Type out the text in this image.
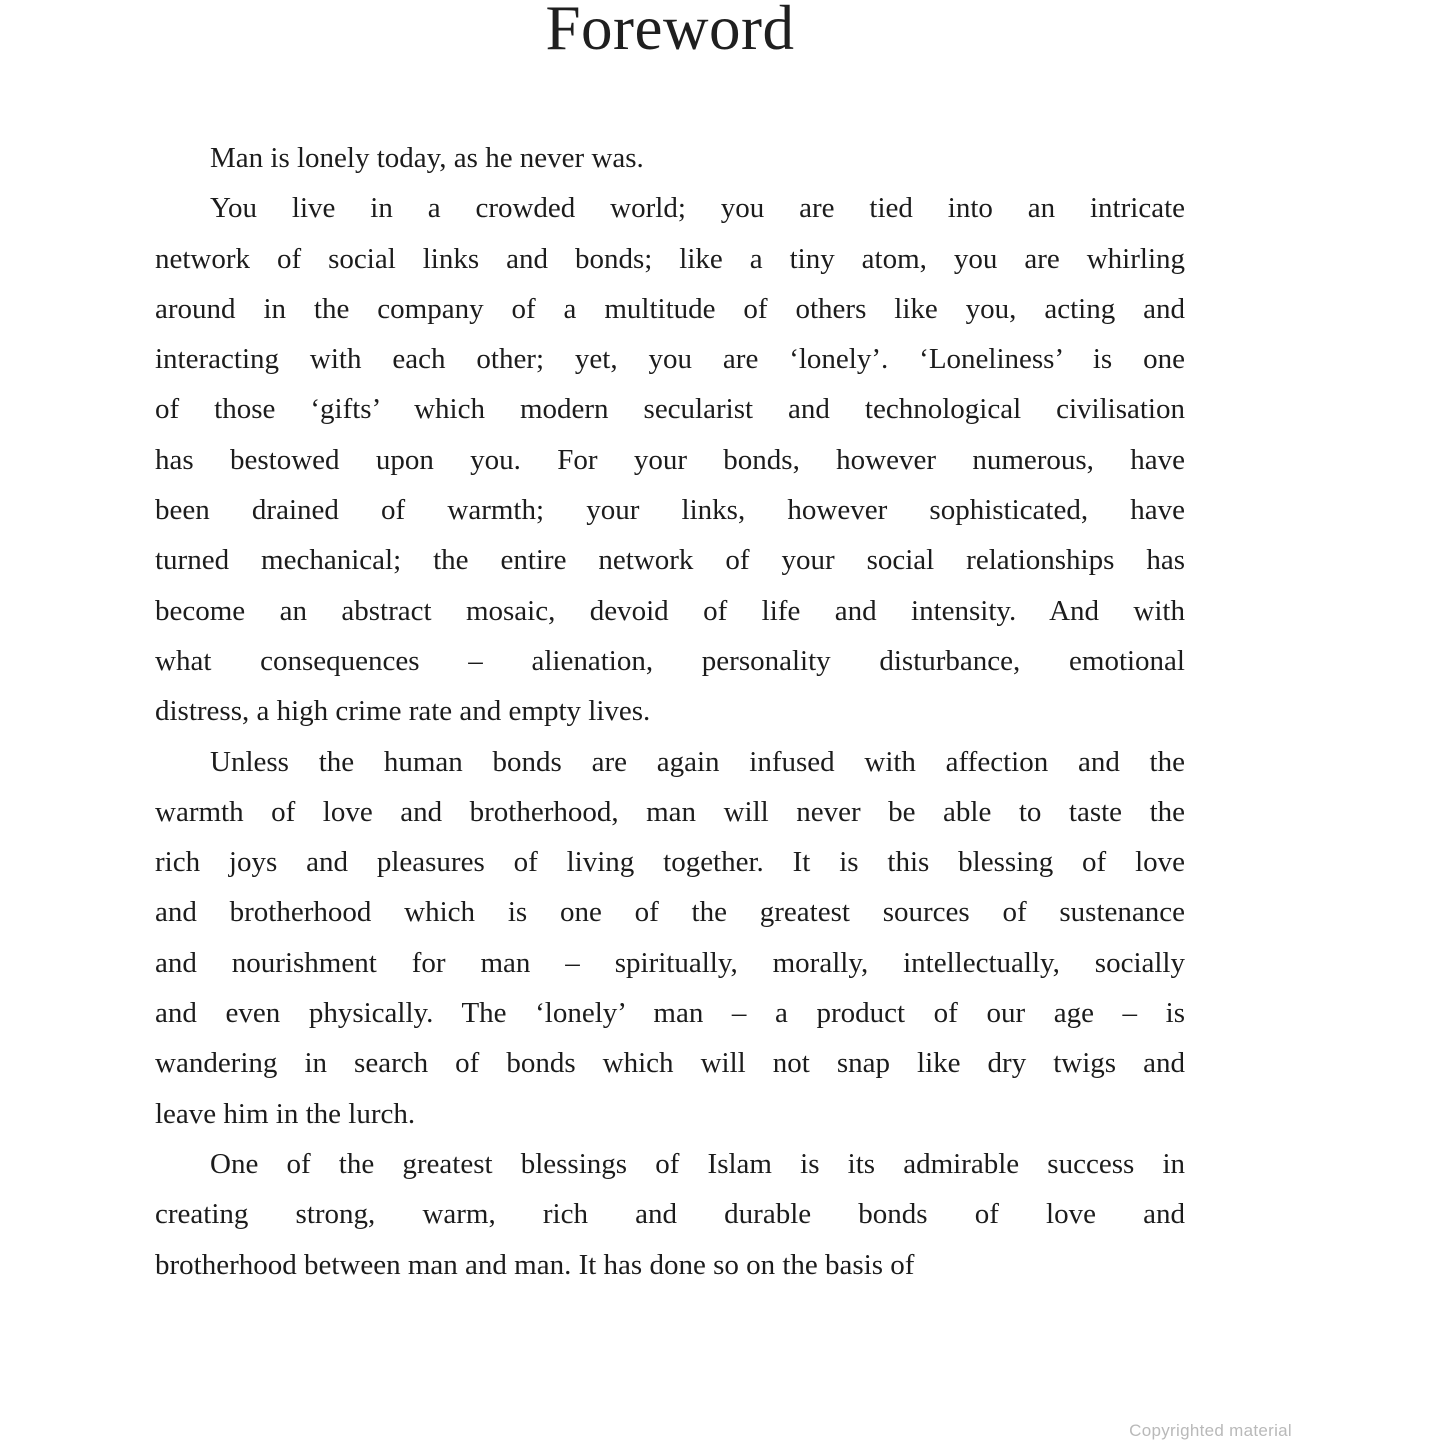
Foreword
Man is lonely today, as he never was.
You live in a crowded world; you are tied into an intricate
network of social links and bonds; like a tiny atom, you are whirling
around in the company of a multitude of others like you, acting and
interacting with each other; yet, you are ‘lonely’. ‘Loneliness’ is one
of those ‘gifts’ which modern secularist and technological civilisation
has bestowed upon you. For your bonds, however numerous, have
been drained of warmth; your links, however sophisticated, have
turned mechanical; the entire network of your social relationships has
become an abstract mosaic, devoid of life and intensity. And with
what consequences – alienation, personality disturbance, emotional
distress, a high crime rate and empty lives.
Unless the human bonds are again infused with affection and the
warmth of love and brotherhood, man will never be able to taste the
rich joys and pleasures of living together. It is this blessing of love
and brotherhood which is one of the greatest sources of sustenance
and nourishment for man – spiritually, morally, intellectually, socially
and even physically. The ‘lonely’ man – a product of our age – is
wandering in search of bonds which will not snap like dry twigs and
leave him in the lurch.
One of the greatest blessings of Islam is its admirable success in
creating strong, warm, rich and durable bonds of love and
brotherhood between man and man. It has done so on the basis of
Copyrighted material
